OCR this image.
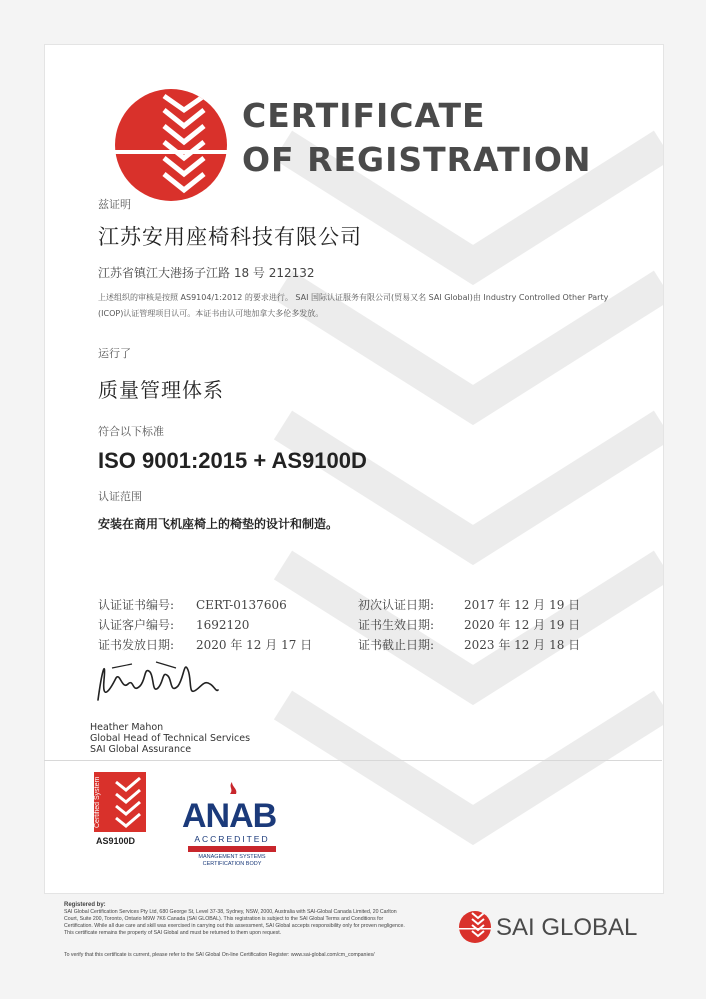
CERTIFICATE
OF REGISTRATION
兹证明
江苏安用座椅科技有限公司
江苏省镇江大港扬子江路 18 号 212132
上述组织的审核是按照 AS9104/1:2012 的要求进行。 SAI 国际认证服务有限公司(贸易又名 SAI Global)由 Industry Controlled Other Party
(ICOP)认证管理项目认可。本证书由认可地加拿大多伦多发放。
运行了
质量管理体系
符合以下标准
ISO 9001:2015 + AS9100D
认证范围
安装在商用飞机座椅上的椅垫的设计和制造。
认证证书编号: CERT-0137606	初次认证日期: 2017 年 12 月 19 日
认证客户编号: 1692120	证书生效日期: 2020 年 12 月 19 日
证书发放日期: 2020 年 12 月 17 日	证书截止日期: 2023 年 12 月 18 日
Heather Mahon
Global Head of Technical Services
SAI Global Assurance
Certified System
AS9100D
ANAB
ACCREDITED
MANAGEMENT SYSTEMS
CERTIFICATION BODY
Registered by:
SAI Global Certification Services Pty Ltd, 680 George St, Level 37-38, Sydney, NSW, 2000, Australia with SAI-Global Canada Limited, 20 Carlton
Court, Suite 200, Toronto, Ontario M9W 7K6 Canada (SAI GLOBAL). This registration is subject to the SAI Global Terms and Conditions for
Certification. While all due care and skill was exercised in carrying out this assessment, SAI Global accepts responsibility only for proven negligence.
This certificate remains the property of SAI Global and must be returned to them upon request.
To verify that this certificate is current, please refer to the SAI Global On-line Certification Register: www.sai-global.com/cm_companies/
SAI GLOBAL
